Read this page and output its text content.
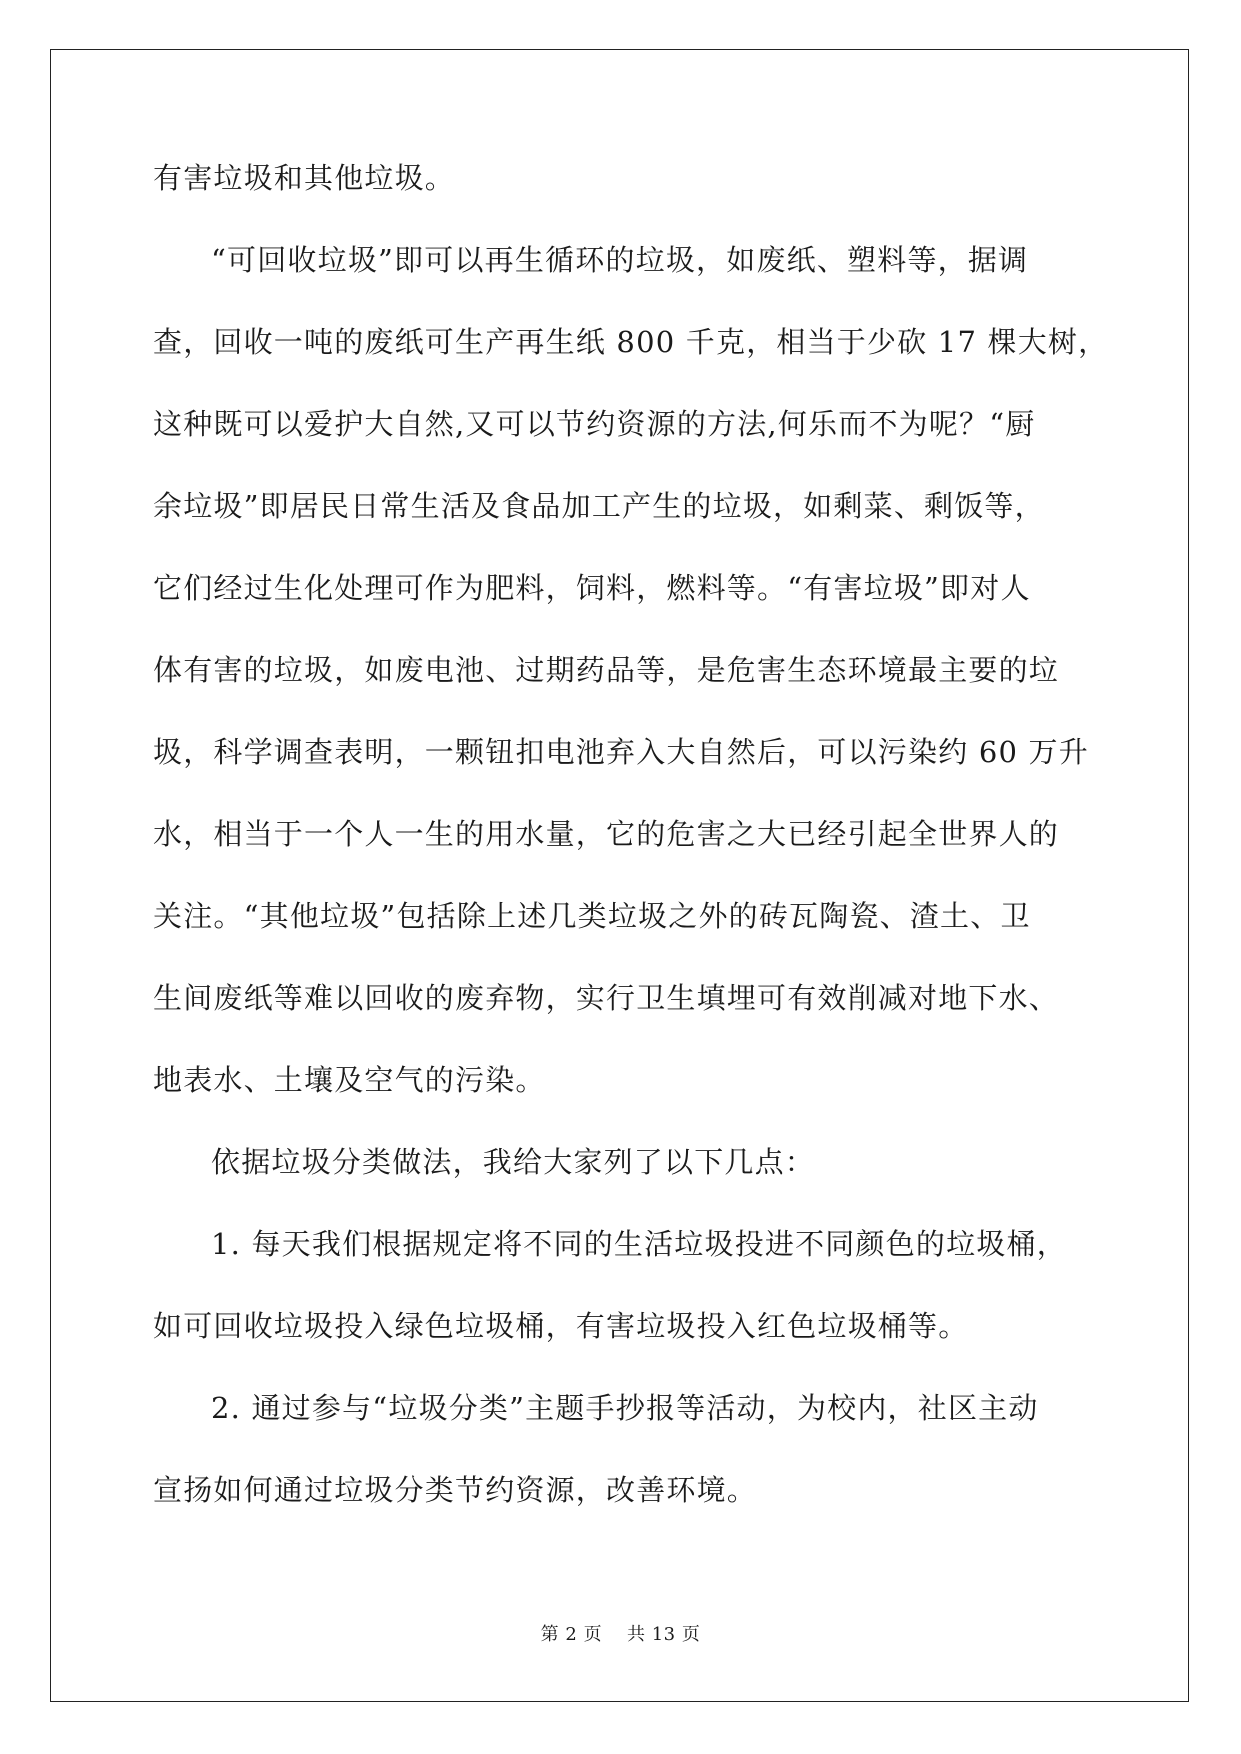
有害垃圾和其他垃圾。
“可回收垃圾”即可以再生循环的垃圾，如废纸、塑料等，据调
查，回收一吨的废纸可生产再生纸 800 千克，相当于少砍 17 棵大树，
这种既可以爱护大自然,又可以节约资源的方法,何乐而不为呢？“厨
余垃圾”即居民日常生活及食品加工产生的垃圾，如剩菜、剩饭等，
它们经过生化处理可作为肥料，饲料，燃料等。“有害垃圾”即对人
体有害的垃圾，如废电池、过期药品等，是危害生态环境最主要的垃
圾，科学调查表明，一颗钮扣电池弃入大自然后，可以污染约 60 万升
水，相当于一个人一生的用水量，它的危害之大已经引起全世界人的
关注。“其他垃圾”包括除上述几类垃圾之外的砖瓦陶瓷、渣土、卫
生间废纸等难以回收的废弃物，实行卫生填埋可有效削减对地下水、
地表水、土壤及空气的污染。
依据垃圾分类做法，我给大家列了以下几点：
1. 每天我们根据规定将不同的生活垃圾投进不同颜色的垃圾桶，
如可回收垃圾投入绿色垃圾桶，有害垃圾投入红色垃圾桶等。
2. 通过参与“垃圾分类”主题手抄报等活动，为校内，社区主动
宣扬如何通过垃圾分类节约资源，改善环境。
第 2 页 共 13 页
